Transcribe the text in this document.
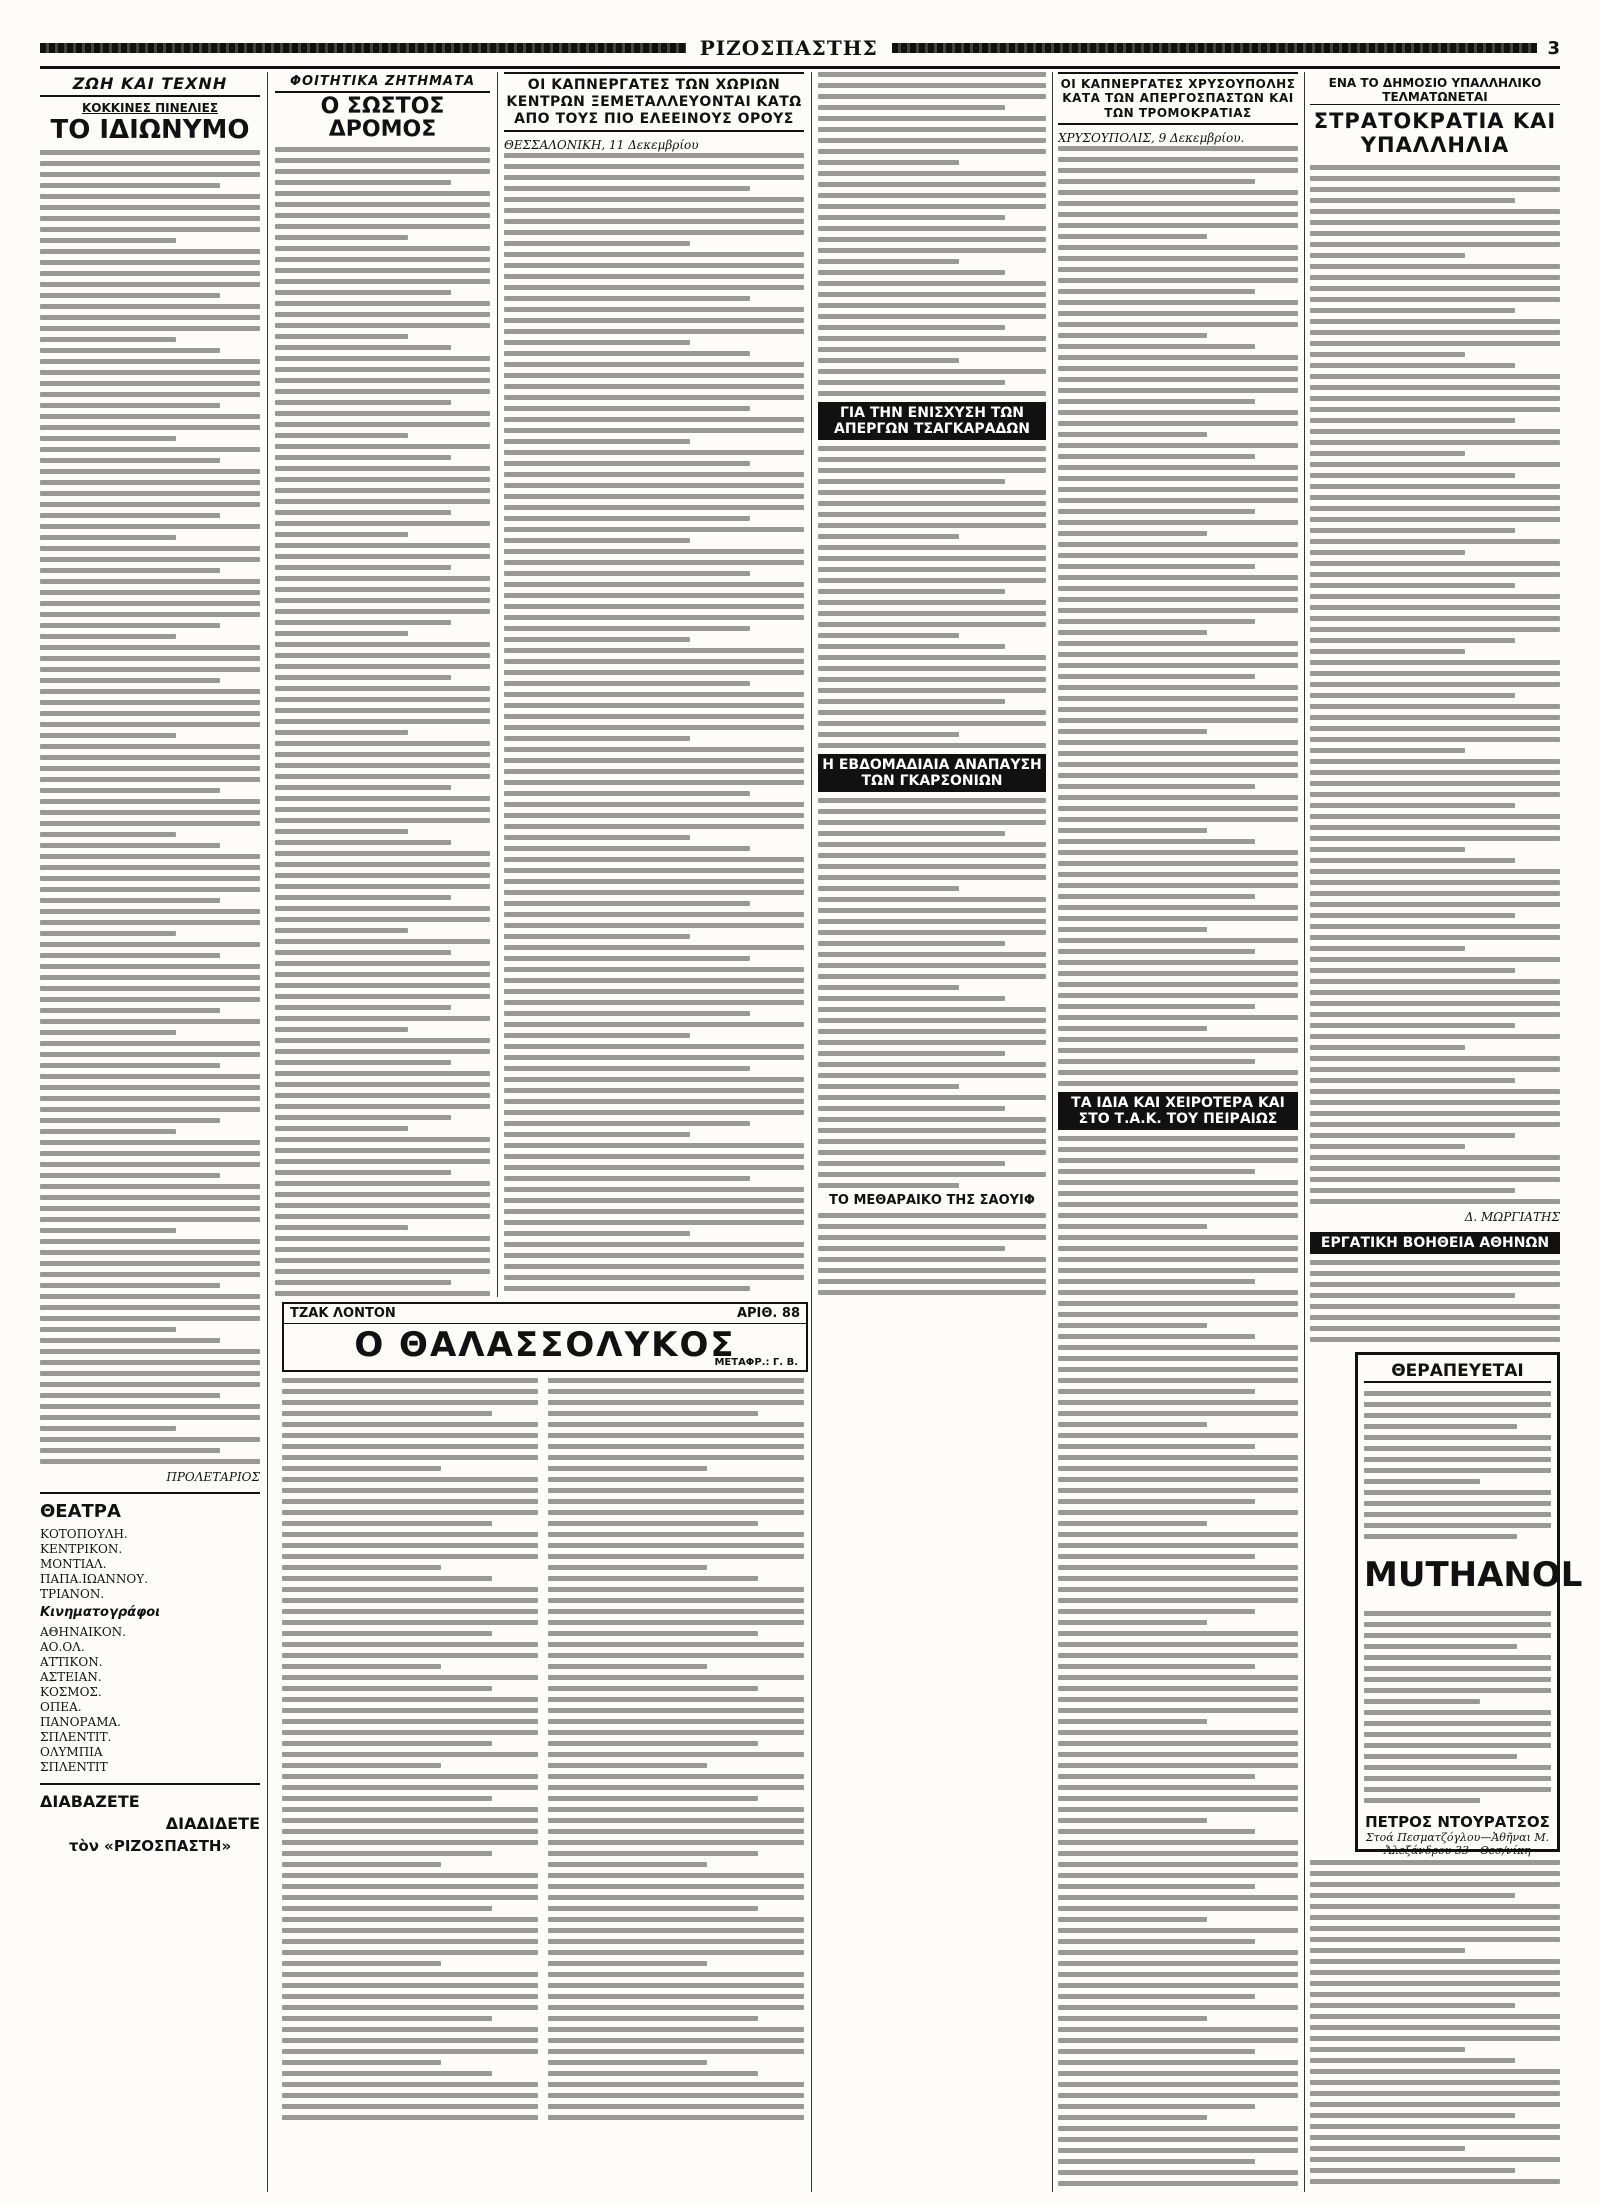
ΡΙΖΟΣΠΑΣΤΗΣ	3
ΖΩΗ ΚΑΙ ΤΕΧΝΗ
ΚΟΚΚΙΝΕΣ ΠΙΝΕΛΙΕΣ
ΤΟ ΙΔΙΩΝΥΜΟ
ΠΡΟΛΕΤΑΡΙΟΣ
ΘΕΑΤΡΑ
ΚΟΤΟΠΟΥΛΗ.
ΚΕΝΤΡΙΚΟΝ.
ΜΟΝΤΙΑΛ.
ΠΑΠΑ.ΙΩΑΝΝΟΥ.
ΤΡΙΑΝΟΝ.
Κινηματογράφοι
ΑΘΗΝΑΙΚΟΝ.
ΑΟ.ΟΛ.
ΑΤΤΙΚΟΝ.
ΑΣΤΕΙΑΝ.
ΚΟΣΜΟΣ.
ΟΠΕΑ.
ΠΑΝΟΡΑΜΑ.
ΣΠΛΕΝΤΙΤ.
ΟΛΥΜΠΙΑ
ΣΠΛΕΝΤΙΤ
ΔΙΑΒΑΖΕΤΕ
ΔΙΑΔΙΔΕΤΕ
τὸν «ΡΙΖΟΣΠΑΣΤΗ»
ΦΟΙΤΗΤΙΚΑ ΖΗΤΗΜΑΤΑ
Ο ΣΩΣΤΟΣ ΔΡΟΜΟΣ
ΟΙ ΚΑΠΝΕΡΓΑΤΕΣ ΤΩΝ ΧΩΡΙΩΝ ΚΕΝΤΡΩΝ ΞΕΜΕΤΑΛΛΕΥΟΝΤΑΙ ΚΑΤΩ ΑΠΟ ΤΟΥΣ ΠΙΟ ΕΛΕΕΙΝΟΥΣ ΟΡΟΥΣ
ΘΕΣΣΑΛΟΝΙΚΗ, 11 Δεκεμβρίου
ΤΖΑΚ ΛΟΝΤΟΝ	ΑΡΙΘ. 88
Ο ΘΑΛΑΣΣΟΛΥΚΟΣ
ΜΕΤΑΦΡ.: Γ. Β.
ΓΙΑ ΤΗΝ ΕΝΙΣΧΥΣΗ ΤΩΝ ΑΠΕΡΓΩΝ ΤΣΑΓΚΑΡΑΔΩΝ
Η ΕΒΔΟΜΑΔΙΑΙΑ ΑΝΑΠΑΥΣΗ ΤΩΝ ΓΚΑΡΣΟΝΙΩΝ
ΤΟ ΜΕΘΑΡΑΙΚΟ ΤΗΣ ΣΑΟΥΙΦ
ΟΙ ΚΑΠΝΕΡΓΑΤΕΣ ΧΡΥΣΟΥΠΟΛΗΣ ΚΑΤΑ ΤΩΝ ΑΠΕΡΓΟΣΠΑΣΤΩΝ ΚΑΙ ΤΩΝ ΤΡΟΜΟΚΡΑΤΙΑΣ
ΧΡΥΣΟΥΠΟΛΙΣ, 9 Δεκεμβρίου.
ΤΑ ΙΔΙΑ ΚΑΙ ΧΕΙΡΟΤΕΡΑ ΚΑΙ ΣΤΟ Τ.Α.Κ. ΤΟΥ ΠΕΙΡΑΙΩΣ
ΕΝΑ ΤΟ ΔΗΜΟΣΙΟ ΥΠΑΛΛΗΛΙΚΟ ΤΕΛΜΑΤΩΝΕΤΑΙ
ΣΤΡΑΤΟΚΡΑΤΙΑ ΚΑΙ ΥΠΑΛΛΗΛΙΑ
Δ. ΜΩΡΓΙΑΤΗΣ
ΕΡΓΑΤΙΚΗ ΒΟΗΘΕΙΑ ΑΘΗΝΩΝ
ΘΕΡΑΠΕΥΕΤΑΙ
MUTHANOL
ΠΕΤΡΟΣ ΝΤΟΥΡΑΤΣΟΣ
Στοά Πεσματζόγλου—Ἀθῆναι Μ. Ἀλεξάνδρου 33—Θεσ/νίκη
